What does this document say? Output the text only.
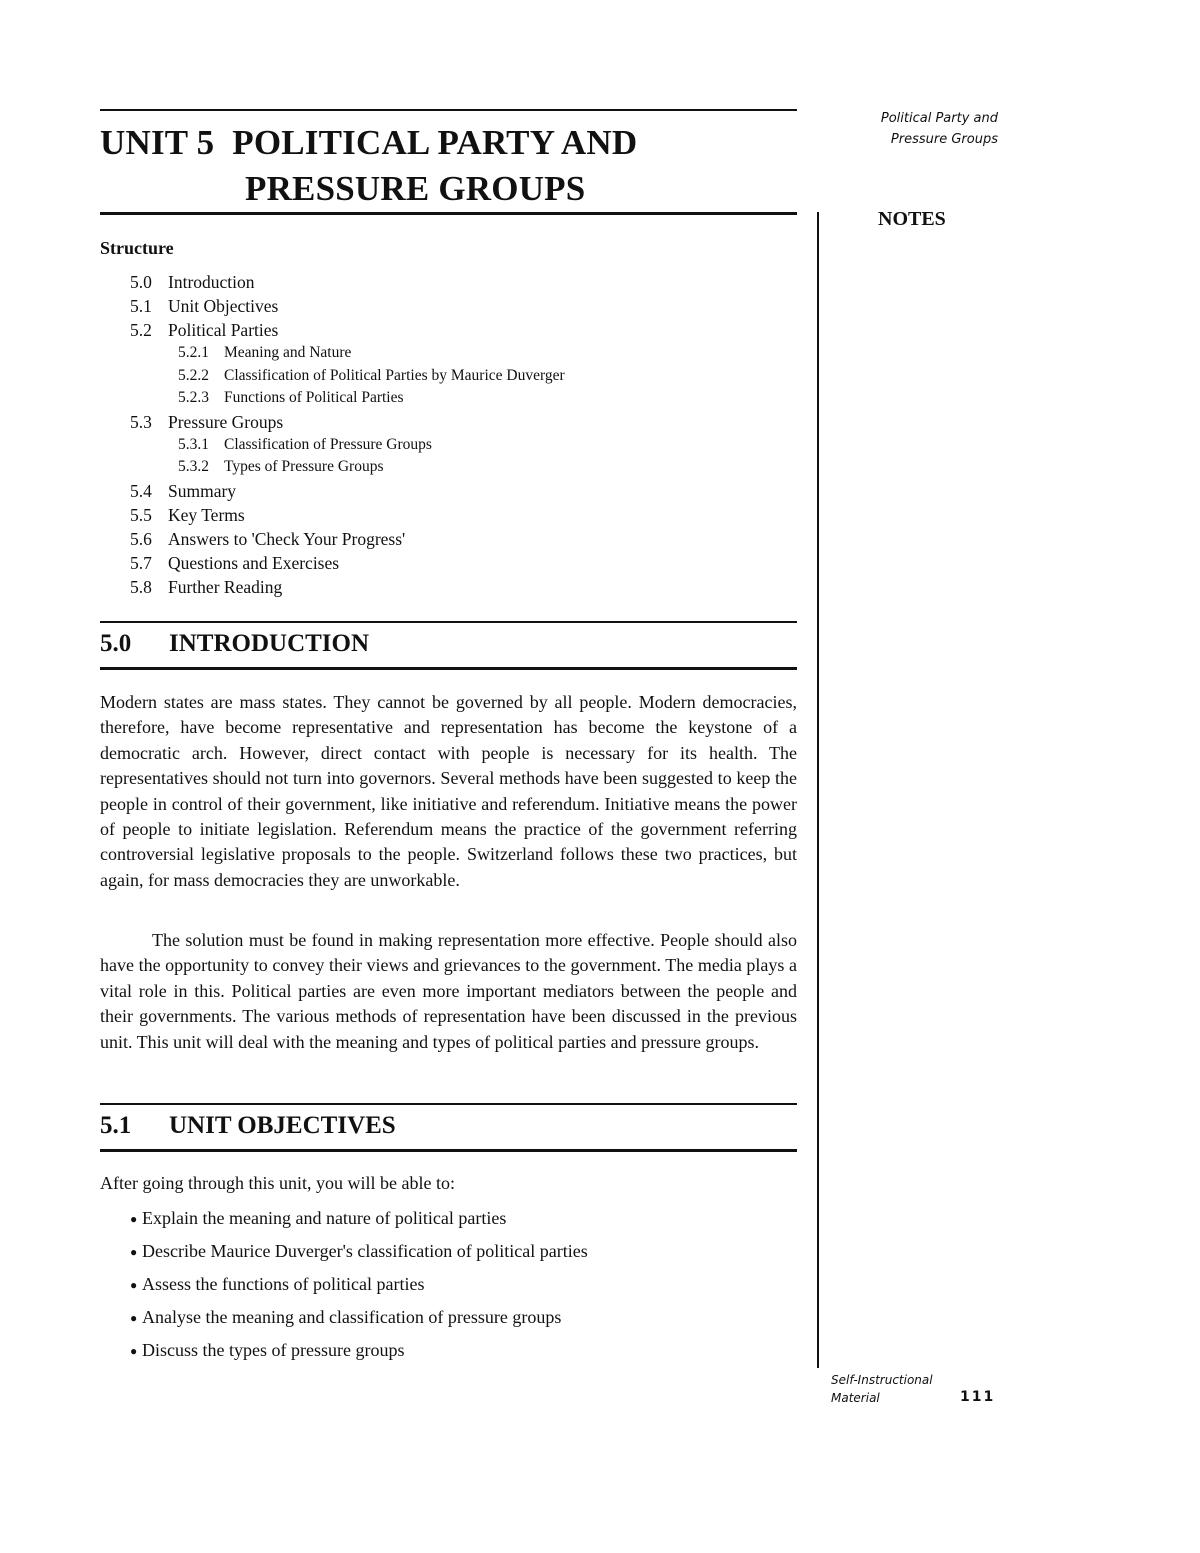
UNIT 5  POLITICAL PARTY AND
PRESSURE GROUPS
Structure
5.0 Introduction
5.1 Unit Objectives
5.2 Political Parties
5.2.1 Meaning and Nature
5.2.2 Classification of Political Parties by Maurice Duverger
5.2.3 Functions of Political Parties
5.3 Pressure Groups
5.3.1 Classification of Pressure Groups
5.3.2 Types of Pressure Groups
5.4 Summary
5.5 Key Terms
5.6 Answers to 'Check Your Progress'
5.7 Questions and Exercises
5.8 Further Reading
5.0 INTRODUCTION

Modern states are mass states. They cannot be governed by all people. Modern democracies, therefore, have become representative and representation has become the keystone of a democratic arch. However, direct contact with people is necessary for its health. The representatives should not turn into governors. Several methods have been suggested to keep the people in control of their government, like initiative and referendum. Initiative means the power of people to initiate legislation. Referendum means the practice of the government referring controversial legislative proposals to the people. Switzerland follows these two practices, but again, for mass democracies they are unworkable.

The solution must be found in making representation more effective. People should also have the opportunity to convey their views and grievances to the government. The media plays a vital role in this. Political parties are even more important mediators between the people and their governments. The various methods of representation have been discussed in the previous unit. This unit will deal with the meaning and types of political parties and pressure groups.

5.1 UNIT OBJECTIVES

After going through this unit, you will be able to:

● Explain the meaning and nature of political parties
● Describe Maurice Duverger's classification of political parties
● Assess the functions of political parties
● Analyse the meaning and classification of pressure groups
● Discuss the types of pressure groups
Political Party and
Pressure Groups
NOTES
Self-Instructional
Material	111
